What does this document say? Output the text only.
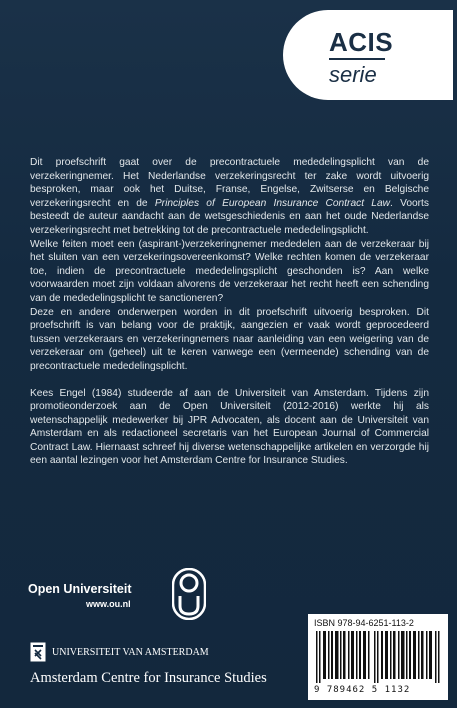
ACIS
serie

Dit proefschrift gaat over de precontractuele mededelingsplicht van de verzekeringnemer. Het Nederlandse verzekeringsrecht ter zake wordt uitvoerig besproken, maar ook het Duitse, Franse, Engelse, Zwitserse en Belgische verzekeringsrecht en de Principles of European Insurance Contract Law. Voorts besteedt de auteur aandacht aan de wetsgeschiedenis en aan het oude Nederlandse verzekeringsrecht met betrekking tot de precontractuele mededelingsplicht.

Welke feiten moet een (aspirant-)verzekeringnemer mededelen aan de verzekeraar bij het sluiten van een verzekeringsovereenkomst? Welke rechten komen de verzekeraar toe, indien de precontractuele mededelingsplicht geschonden is? Aan welke voorwaarden moet zijn voldaan alvorens de verzekeraar het recht heeft een schending van de mededelingsplicht te sanctioneren?

Deze en andere onderwerpen worden in dit proefschrift uitvoerig besproken. Dit proefschrift is van belang voor de praktijk, aangezien er vaak wordt geprocedeerd tussen verzekeraars en verzekeringnemers naar aanleiding van een weigering van de verzekeraar om (geheel) uit te keren vanwege een (vermeende) schending van de precontractuele mededelingsplicht.

Kees Engel (1984) studeerde af aan de Universiteit van Amsterdam. Tijdens zijn promotieonderzoek aan de Open Universiteit (2012-2016) werkte hij als wetenschappelijk medewerker bij JPR Advocaten, als docent aan de Universiteit van Amsterdam en als redactioneel secretaris van het European Journal of Commercial Contract Law. Hiernaast schreef hij diverse wetenschappelijke artikelen en verzorgde hij een aantal lezingen voor het Amsterdam Centre for Insurance Studies.

Open Universiteit
www.ou.nl
ISBN 978-94-6251-113-2
9 789462 5 1132
UNIVERSITEIT VAN AMSTERDAM
Amsterdam Centre for Insurance Studies
